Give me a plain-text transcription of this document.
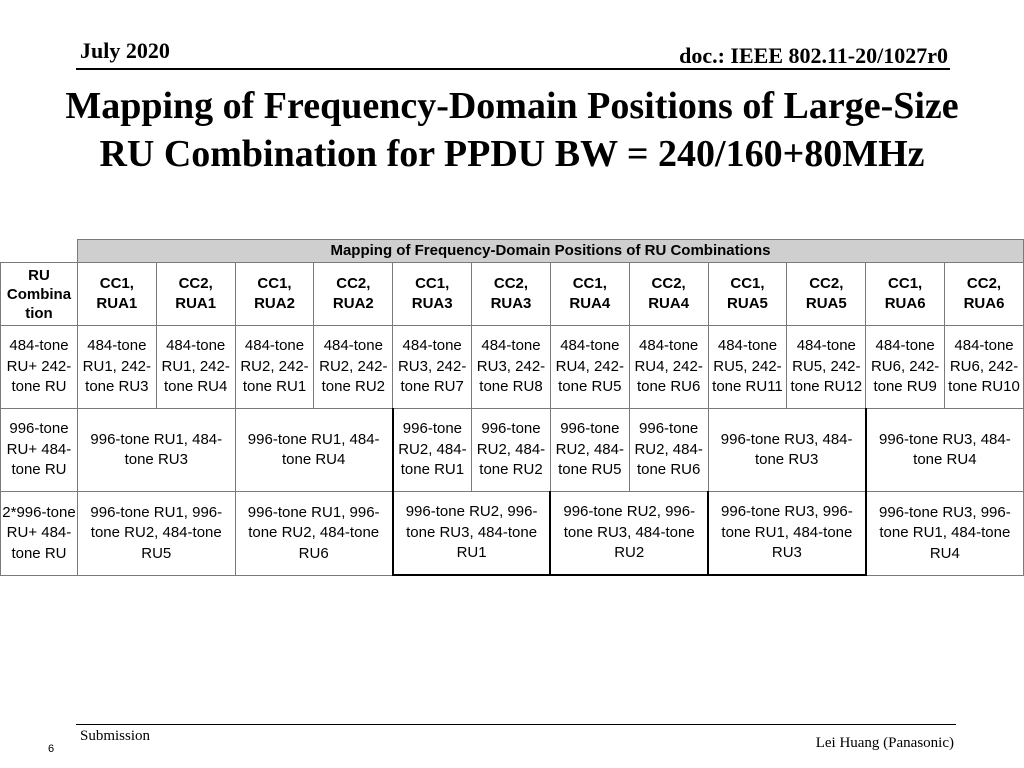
July 2020	doc.: IEEE 802.11-20/1027r0
Mapping of Frequency-Domain Positions of Large-Size
RU Combination for PPDU BW = 240/160+80MHz
	Mapping of Frequency-Domain Positions of RU Combinations											
RU Combina tion	CC1, RUA1	CC2, RUA1	CC1, RUA2	CC2, RUA2	CC1, RUA3	CC2, RUA3	CC1, RUA4	CC2, RUA4	CC1, RUA5	CC2, RUA5	CC1, RUA6	CC2, RUA6
484-tone RU+ 242-tone RU	484-tone RU1, 242-tone RU3	484-tone RU1, 242-tone RU4	484-tone RU2, 242-tone RU1	484-tone RU2, 242-tone RU2	484-tone RU3, 242-tone RU7	484-tone RU3, 242-tone RU8	484-tone RU4, 242-tone RU5	484-tone RU4, 242-tone RU6	484-tone RU5, 242-tone RU11	484-tone RU5, 242-tone RU12	484-tone RU6, 242-tone RU9	484-tone RU6, 242-tone RU10
996-tone RU+ 484-tone RU	996-tone RU1, 484-tone RU3		996-tone RU1, 484-tone RU4		996-tone RU2, 484-tone RU1	996-tone RU2, 484-tone RU2	996-tone RU2, 484-tone RU5	996-tone RU2, 484-tone RU6	996-tone RU3, 484-tone RU3		996-tone RU3, 484-tone RU4	
2*996-tone RU+ 484-tone RU	996-tone RU1, 996-tone RU2, 484-tone RU5		996-tone RU1, 996-tone RU2, 484-tone RU6		996-tone RU2, 996-tone RU3, 484-tone RU1		996-tone RU2, 996-tone RU3, 484-tone RU2		996-tone RU3, 996-tone RU1, 484-tone RU3		996-tone RU3, 996-tone RU1, 484-tone RU4	
Submission
6	Lei Huang (Panasonic)
